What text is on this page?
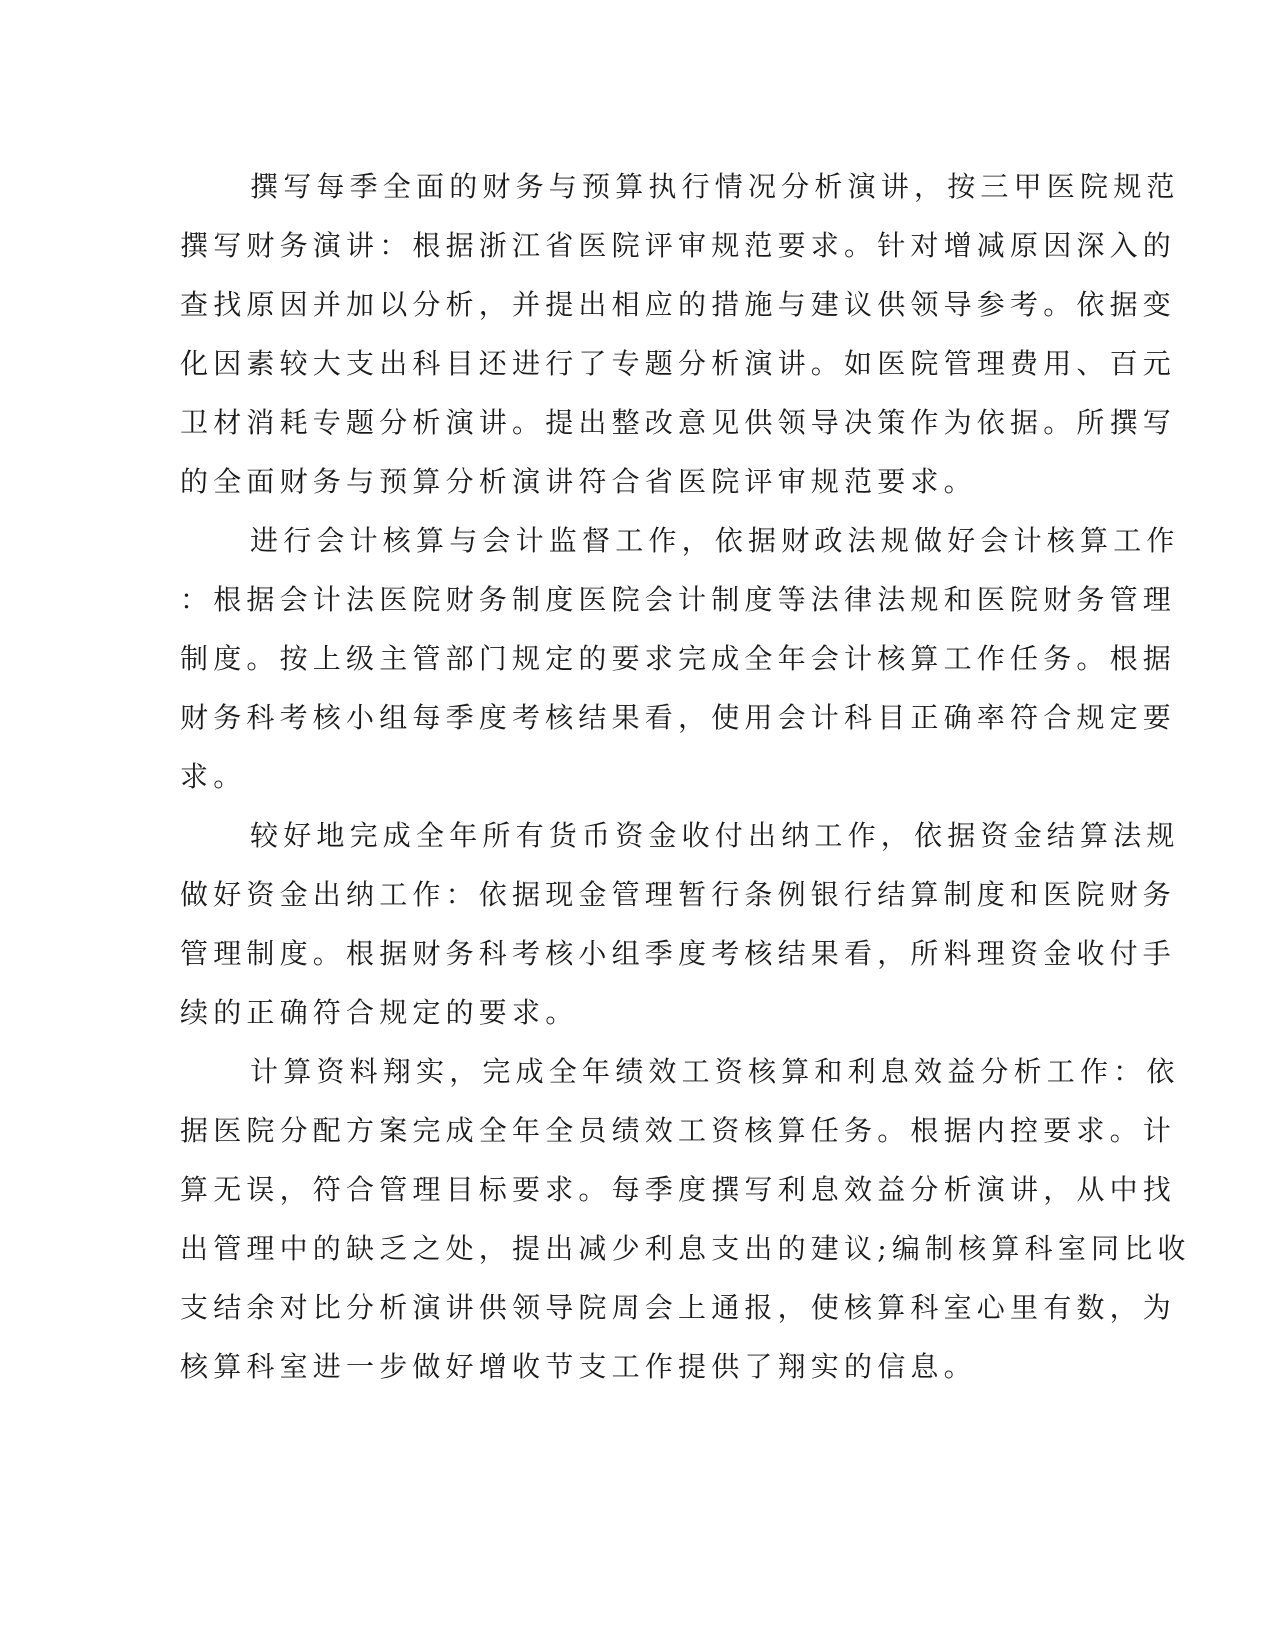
撰写每季全面的财务与预算执行情况分析演讲，按三甲医院规范
撰写财务演讲：根据浙江省医院评审规范要求。针对增减原因深入的
查找原因并加以分析，并提出相应的措施与建议供领导参考。依据变
化因素较大支出科目还进行了专题分析演讲。如医院管理费用、百元
卫材消耗专题分析演讲。提出整改意见供领导决策作为依据。所撰写
的全面财务与预算分析演讲符合省医院评审规范要求。
进行会计核算与会计监督工作，依据财政法规做好会计核算工作
：根据会计法医院财务制度医院会计制度等法律法规和医院财务管理
制度。按上级主管部门规定的要求完成全年会计核算工作任务。根据
财务科考核小组每季度考核结果看，使用会计科目正确率符合规定要
求。
较好地完成全年所有货币资金收付出纳工作，依据资金结算法规
做好资金出纳工作：依据现金管理暂行条例银行结算制度和医院财务
管理制度。根据财务科考核小组季度考核结果看，所料理资金收付手
续的正确符合规定的要求。
计算资料翔实，完成全年绩效工资核算和利息效益分析工作：依
据医院分配方案完成全年全员绩效工资核算任务。根据内控要求。计
算无误，符合管理目标要求。每季度撰写利息效益分析演讲，从中找
出管理中的缺乏之处，提出减少利息支出的建议;编制核算科室同比收
支结余对比分析演讲供领导院周会上通报，使核算科室心里有数，为
核算科室进一步做好增收节支工作提供了翔实的信息。
